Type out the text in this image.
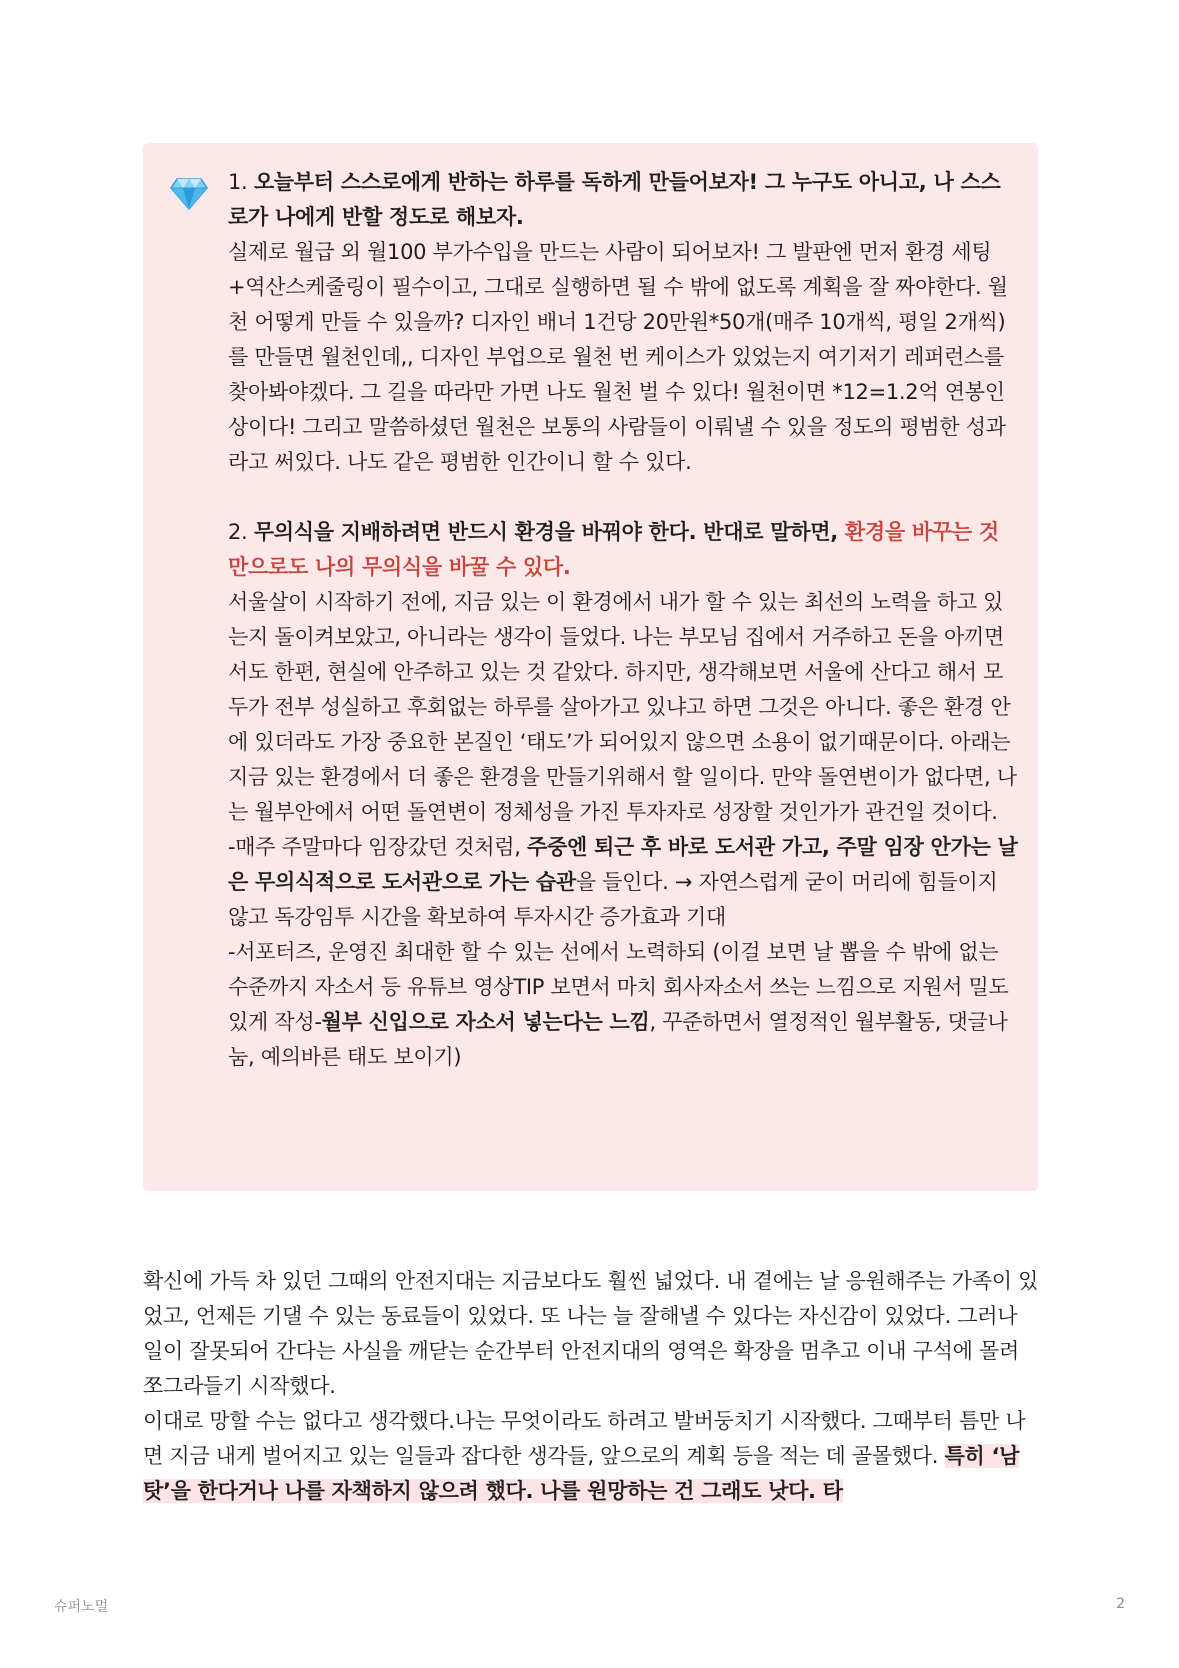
1. 오늘부터 스스로에게 반하는 하루를 독하게 만들어보자! 그 누구도 아니고, 나 스스로가 나에게 반할 정도로 해보자.
실제로 월급 외 월100 부가수입을 만드는 사람이 되어보자! 그 발판엔 먼저 환경 세팅+역산스케줄링이 필수이고, 그대로 실행하면 될 수 밖에 없도록 계획을 잘 짜야한다. 월천 어떻게 만들 수 있을까? 디자인 배너 1건당 20만원*50개(매주 10개씩, 평일 2개씩)를 만들면 월천인데,, 디자인 부업으로 월천 번 케이스가 있었는지 여기저기 레퍼런스를 찾아봐야겠다. 그 길을 따라만 가면 나도 월천 벌 수 있다! 월천이면 *12=1.2억 연봉인상이다! 그리고 말씀하셨던 월천은 보통의 사람들이 이뤄낼 수 있을 정도의 평범한 성과라고 써있다. 나도 같은 평범한 인간이니 할 수 있다.

2. 무의식을 지배하려면 반드시 환경을 바꿔야 한다. 반대로 말하면, 환경을 바꾸는 것만으로도 나의 무의식을 바꿀 수 있다.
서울살이 시작하기 전에, 지금 있는 이 환경에서 내가 할 수 있는 최선의 노력을 하고 있는지 돌이켜보았고, 아니라는 생각이 들었다. 나는 부모님 집에서 거주하고 돈을 아끼면서도 한편, 현실에 안주하고 있는 것 같았다. 하지만, 생각해보면 서울에 산다고 해서 모두가 전부 성실하고 후회없는 하루를 살아가고 있냐고 하면 그것은 아니다. 좋은 환경 안에 있더라도 가장 중요한 본질인 ‘태도’가 되어있지 않으면 소용이 없기때문이다. 아래는 지금 있는 환경에서 더 좋은 환경을 만들기위해서 할 일이다. 만약 돌연변이가 없다면, 나는 월부안에서 어떤 돌연변이 정체성을 가진 투자자로 성장할 것인가가 관건일 것이다.
-매주 주말마다 임장갔던 것처럼, 주중엔 퇴근 후 바로 도서관 가고, 주말 임장 안가는 날은 무의식적으로 도서관으로 가는 습관을 들인다. → 자연스럽게 굳이 머리에 힘들이지 않고 독강임투 시간을 확보하여 투자시간 증가효과 기대
-서포터즈, 운영진 최대한 할 수 있는 선에서 노력하되 (이걸 보면 날 뽑을 수 밖에 없는 수준까지 자소서 등 유튜브 영상TIP 보면서 마치 회사자소서 쓰는 느낌으로 지원서 밀도있게 작성-월부 신입으로 자소서 넣는다는 느낌, 꾸준하면서 열정적인 월부활동, 댓글나눔, 예의바른 태도 보이기)

확신에 가득 차 있던 그때의 안전지대는 지금보다도 훨씬 넓었다. 내 곁에는 날 응원해주는 가족이 있었고, 언제든 기댈 수 있는 동료들이 있었다. 또 나는 늘 잘해낼 수 있다는 자신감이 있었다. 그러나 일이 잘못되어 간다는 사실을 깨닫는 순간부터 안전지대의 영역은 확장을 멈추고 이내 구석에 몰려 쪼그라들기 시작했다.

이대로 망할 수는 없다고 생각했다.나는 무엇이라도 하려고 발버둥치기 시작했다. 그때부터 틈만 나면 지금 내게 벌어지고 있는 일들과 잡다한 생각들, 앞으로의 계획 등을 적는 데 골몰했다. 특히 ‘남 탓’을 한다거나 나를 자책하지 않으려 했다. 나를 원망하는 건 그래도 낫다. 타

슈퍼노멀	2
